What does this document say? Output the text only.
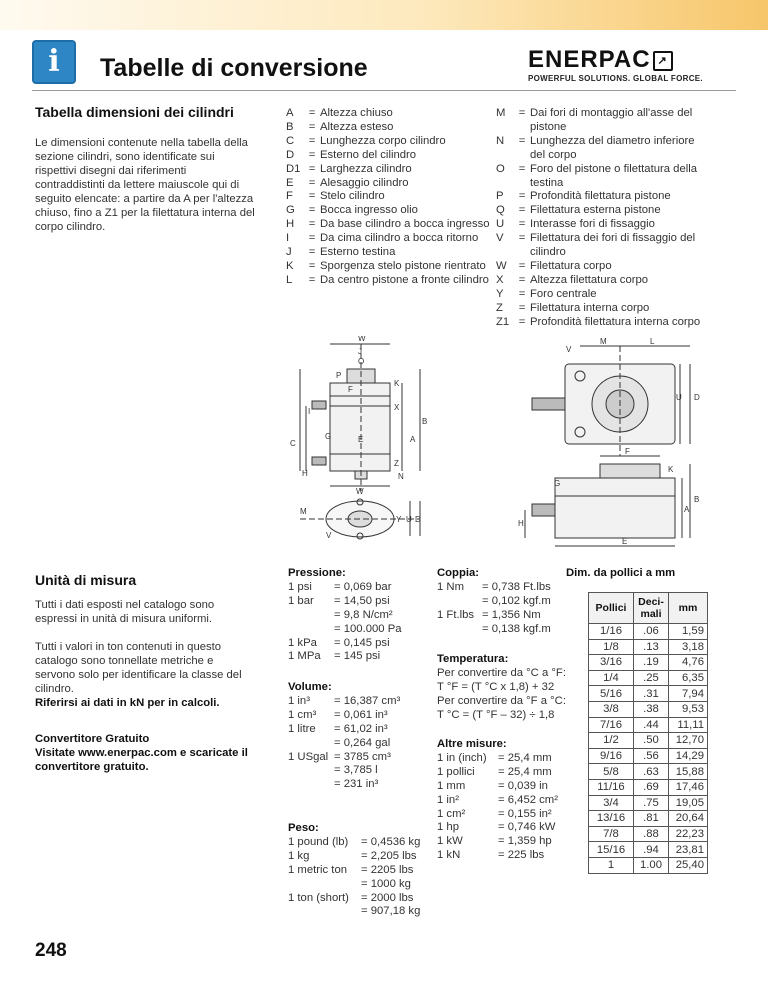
i	Tabelle di conversione	ENERPAC ↗
POWERFUL SOLUTIONS. GLOBAL FORCE.
Tabella dimensioni dei cilindri
Le dimensioni contenute nella tabella della sezione cilindri, sono identificate sui rispettivi disegni dai riferimenti contraddistinti da lettere maiuscole qui di seguito elencate: a partire da A per l'altezza chiuso, fino a Z1 per la filettatura interna del corpo cilindro.
A	=	Altezza chiuso
B	=	Altezza esteso
C	=	Lunghezza corpo cilindro
D	=	Esterno del cilindro
D1	=	Larghezza cilindro
E	=	Alesaggio cilindro
F	=	Stelo cilindro
G	=	Bocca ingresso olio
H	=	Da base cilindro a bocca ingresso
I	=	Da cima cilindro a bocca ritorno
J	=	Esterno testina
K	=	Sporgenza stelo pistone rientrato
L	=	Da centro pistone a fronte cilindro
M	=	Dai fori di montaggio all'asse del pistone
N	=	Lunghezza del diametro inferiore del corpo
O	=	Foro del pistone o filettatura della testina
P	=	Profondità filettatura pistone
Q	=	Filettatura esterna pistone
U	=	Interasse fori di fissaggio
V	=	Filettatura dei fori di fissaggio del cilindro
W	=	Filettatura corpo
X	=	Altezza filettatura corpo
Y	=	Foro centrale
Z	=	Filettatura interna corpo
Z1	=	Profondità filettatura interna corpo
W
J
O
P
K
F
X
I
B
G	E	A
C
Z
H	N
W
M
Y U D
V
V
M	L
U D
F
K
G
B
A
H
E
Unità di misura

Tutti i dati esposti nel catalogo sono espressi in unità di misura uniformi.

Tutti i valori in ton contenuti in questo catalogo sono tonnellate metriche e servono solo per identificare la classe del cilindro.
Riferirsi ai dati in kN per in calcoli.

Convertitore Gratuito
Visitate www.enerpac.com e scaricate il convertitore gratuito.

Pressione:
1 psi = 0,069 bar
1 bar = 14,50 psi
= 9,8 N/cm²
= 100.000 Pa
1 kPa = 0,145 psi
1 MPa = 145 psi
Volume:
1 in³ = 16,387 cm³
1 cm³ = 0,061 in³
1 litre = 61,02 in³
= 0,264 gal
1 USgal = 3785 cm³
= 3,785 l
= 231 in³
Peso:
1 pound (lb) = 0,4536 kg
1 kg	= 2,205 lbs
1 metric ton = 2205 lbs
= 1000 kg
1 ton (short) = 2000 lbs
= 907,18 kg
Coppia:
1 Nm = 0,738 Ft.lbs
= 0,102 kgf.m
1 Ft.lbs = 1,356 Nm
= 0,138 kgf.m
Temperatura:
Per convertire da °C a °F:
T °F = (T °C x 1,8) + 32
Per convertire da °F a °C:
T °C = (T °F – 32) ÷ 1,8
Altre misure:
1 in (inch) = 25,4 mm
1 pollici = 25,4 mm
1 mm	= 0,039 in
1 in²	= 6,452 cm²
1 cm²	= 0,155 in²
1 hp	= 0,746 kW
1 kW	= 1,359 hp
1 kN	= 225 lbs
Dim. da pollici a mm
Pollici	Deci-mali	mm
1/16	.06	1,59
1/8	.13	3,18
3/16	.19	4,76
1/4	.25	6,35
5/16	.31	7,94
3/8	.38	9,53
7/16	.44	11,11
1/2	.50	12,70
9/16	.56	14,29
5/8	.63	15,88
11/16	.69	17,46
3/4	.75	19,05
13/16	.81	20,64
7/8	.88	22,23
15/16	.94	23,81
1	1.00	25,40
248
